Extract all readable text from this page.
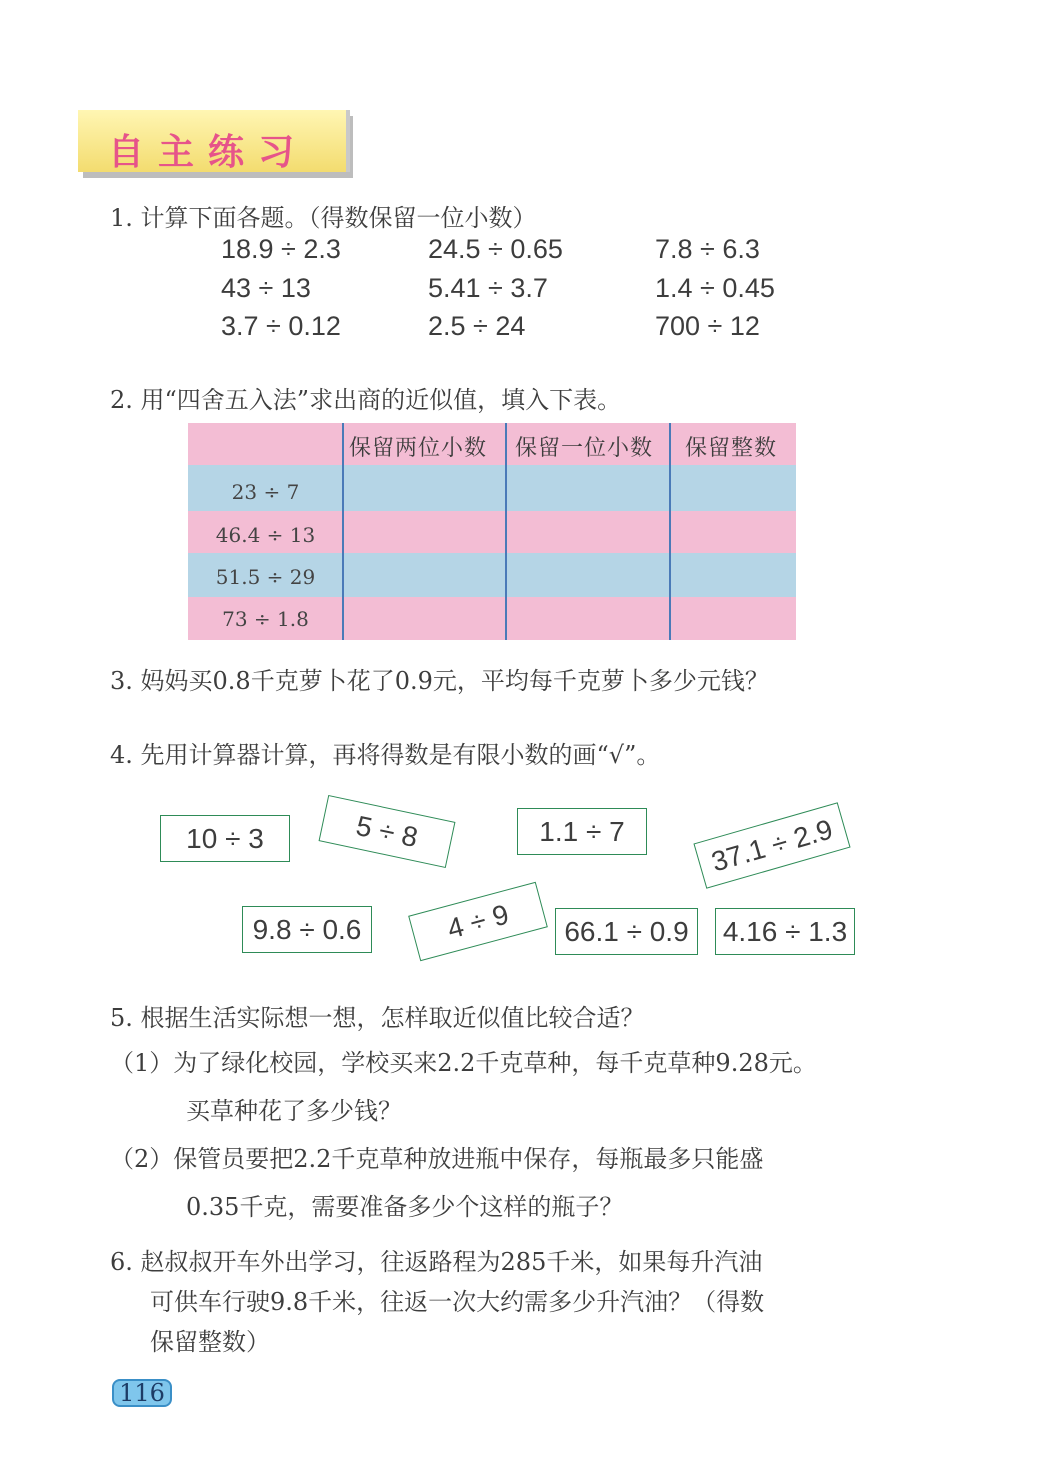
自主练习
1. 计算下面各题。（得数保留一位小数）
18.9 ÷ 2.3	24.5 ÷ 0.65	7.8 ÷ 6.3
43 ÷ 13	5.41 ÷ 3.7	1.4 ÷ 0.45
3.7 ÷ 0.12	2.5 ÷ 24	700 ÷ 12
2. 用“四舍五入法”求出商的近似值，填入下表。
保留两位小数 保留一位小数 保留整数
23 ÷ 7
46.4 ÷ 13
51.5 ÷ 29
73 ÷ 1.8
3. 妈妈买0.8千克萝卜花了0.9元，平均每千克萝卜多少元钱？
4. 先用计算器计算，再将得数是有限小数的画“√”。
10 ÷ 3	5 ÷ 8	1.1 ÷ 7	37.1 ÷ 2.9
9.8 ÷ 0.6	4 ÷ 9	66.1 ÷ 0.9	4.16 ÷ 1.3
5. 根据生活实际想一想，怎样取近似值比较合适？
（1）为了绿化校园，学校买来2.2千克草种，每千克草种9.28元。
买草种花了多少钱？
（2）保管员要把2.2千克草种放进瓶中保存，每瓶最多只能盛
0.35千克，需要准备多少个这样的瓶子？
6. 赵叔叔开车外出学习，往返路程为285千米，如果每升汽油
可供车行驶9.8千米，往返一次大约需多少升汽油？（得数
保留整数）
116
